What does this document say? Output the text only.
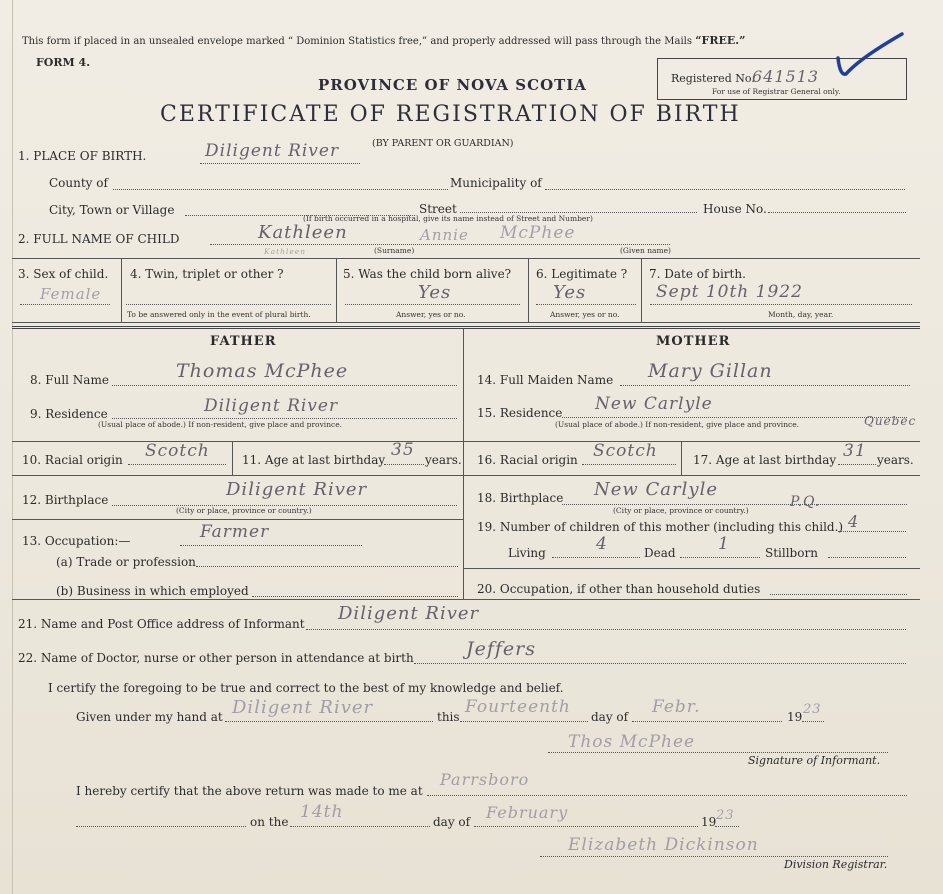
This form if placed in an unsealed envelope marked “ Dominion Statistics free,” and properly addressed will pass through the Mails “FREE.”
FORM 4.
PROVINCE OF NOVA SCOTIA
CERTIFICATE OF REGISTRATION OF BIRTH
(BY PARENT OR GUARDIAN)
Registered No.
641513
For use of Registrar General only.
1. PLACE OF BIRTH.	Diligent River
County of	Municipality of
City, Town or Village	Street	House No.
(If birth occurred in a hospital, give its name instead of Street and Number)
2. FULL NAME OF CHILD	Kathleen	Annie McPhee
Kathleen	(Surname)	(Given name)
3. Sex of child.
Female
4. Twin, triplet or other ?
To be answered only in the event of plural birth.
5. Was the child born alive?
Yes
Answer, yes or no.
6. Legitimate ?
Yes
Answer, yes or no.
7. Date of birth.
Sept 10th 1922
Month, day, year.
FATHER	MOTHER
8. Full Name	Thomas McPhee
9. Residence	Diligent River
(Usual place of abode.) If non-resident, give place and province.
10. Racial origin Scotch	11. Age at last birthday 35 years.
12. Birthplace	Diligent River
(City or place, province or country.)
13. Occupation:—	Farmer
(a) Trade or profession
(b) Business in which employed
14. Full Maiden Name Mary Gillan
15. Residence New Carlyle
Quebec
(Usual place of abode.) If non-resident, give place and province.
16. Racial origin Scotch	17. Age at last birthday 31 years.
18. Birthplace New Carlyle
P.Q.
(City or place, province or country.)
19. Number of children of this mother (including this child.) 4
Living	4	Dead 1	Stillborn
20. Occupation, if other than household duties
21. Name and Post Office address of Informant Diligent River
22. Name of Doctor, nurse or other person in attendance at birth	Jeffers
I certify the foregoing to be true and correct to the best of my knowledge and belief.
Given under my hand at Diligent River	this Fourteenth day of Febr.	19 23
Thos McPhee
Signature of Informant.
I hereby certify that the above return was made to me at
Parrsboro
on the 14th	day of February	19 23
Elizabeth Dickinson
Division Registrar.
